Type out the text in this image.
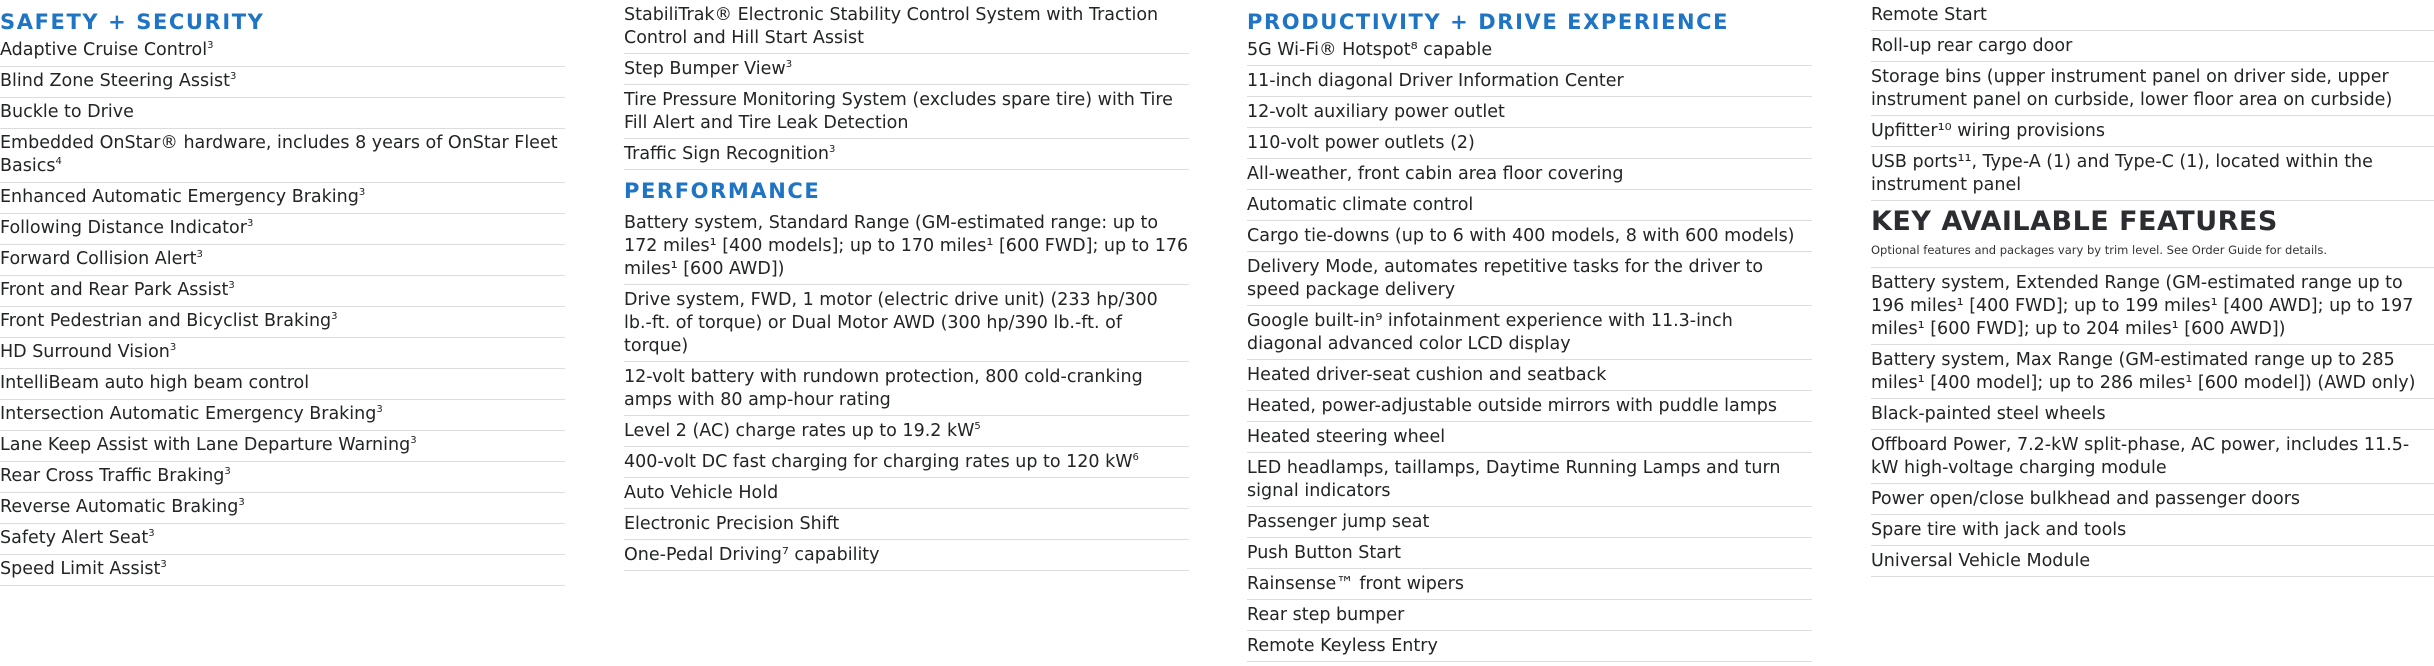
SAFETY + SECURITY
Adaptive Cruise Control$^3$
Blind Zone Steering Assist$^3$
Buckle to Drive
Embedded OnStar® hardware, includes 8 years of OnStar Fleet Basics$^4$
Enhanced Automatic Emergency Braking$^3$
Following Distance Indicator$^3$
Forward Collision Alert$^3$
Front and Rear Park Assist$^3$
Front Pedestrian and Bicyclist Braking$^3$
HD Surround Vision$^3$
IntelliBeam auto high beam control
Intersection Automatic Emergency Braking$^3$
Lane Keep Assist with Lane Departure Warning$^3$
Rear Cross Traffic Braking$^3$
Reverse Automatic Braking$^3$
Safety Alert Seat$^3$
Speed Limit Assist$^3$
StabiliTrak® Electronic Stability Control System with Traction Control and Hill Start Assist
Step Bumper View$^3$
Tire Pressure Monitoring System (excludes spare tire) with Tire Fill Alert and Tire Leak Detection
Traffic Sign Recognition$^3$
PERFORMANCE
Battery system, Standard Range (GM-estimated range: up to 172 miles¹ [400 models]; up to 170 miles¹ [600 FWD]; up to 176 miles¹ [600 AWD])
Drive system, FWD, 1 motor (electric drive unit) (233 hp/300 lb.-ft. of torque) or Dual Motor AWD (300 hp/390 lb.-ft. of torque)
12-volt battery with rundown protection, 800 cold-cranking amps with 80 amp-hour rating
Level 2 (AC) charge rates up to 19.2 $kW^5$
400-volt DC fast charging for charging rates up to 120 $kW^6$
Auto Vehicle Hold
Electronic Precision Shift
One-Pedal Driving⁷ capability
PRODUCTIVITY + DRIVE EXPERIENCE
5G Wi-Fi® Hotspot⁸ capable
11-inch diagonal Driver Information Center
12-volt auxiliary power outlet
110-volt power outlets (2)
All-weather, front cabin area floor covering
Automatic climate control
Cargo tie-downs (up to 6 with 400 models, 8 with 600 models)
Delivery Mode, automates repetitive tasks for the driver to speed package delivery
Google built-in⁹ infotainment experience with 11.3-inch diagonal advanced color LCD display
Heated driver-seat cushion and seatback
Heated, power-adjustable outside mirrors with puddle lamps
Heated steering wheel
LED headlamps, taillamps, Daytime Running Lamps and turn signal indicators
Passenger jump seat
Push Button Start
Rainsense™ front wipers
Rear step bumper
Remote Keyless Entry
Remote Start
Roll-up rear cargo door
Storage bins (upper instrument panel on driver side, upper instrument panel on curbside, lower floor area on curbside)
Upfitter¹⁰ wiring provisions
USB ports¹¹, Type-A (1) and Type-C (1), located within the instrument panel
KEY AVAILABLE FEATURES
Optional features and packages vary by trim level. See Order Guide for details.
Battery system, Extended Range (GM-estimated range up to 196 miles¹ [400 FWD]; up to 199 miles¹ [400 AWD]; up to 197 miles¹ [600 FWD]; up to 204 miles¹ [600 AWD])
Battery system, Max Range (GM-estimated range up to 285 miles¹ [400 model]; up to 286 miles¹ [600 model]) (AWD only)
Black-painted steel wheels
Offboard Power, 7.2-kW split-phase, AC power, includes 11.5-kW high-voltage charging module
Power open/close bulkhead and passenger doors
Spare tire with jack and tools
Universal Vehicle Module
